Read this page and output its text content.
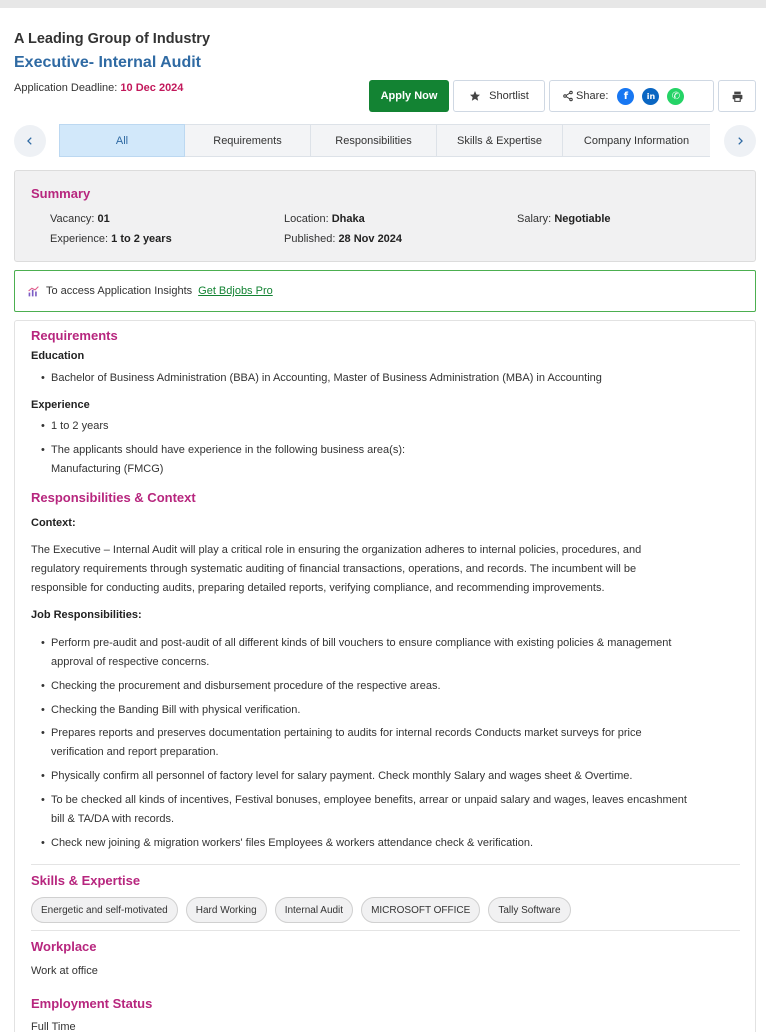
A Leading Group of Industry
Executive- Internal Audit
Application Deadline: 10 Dec 2024
Apply Now	Shortlist	Share:	f	in	✆
All	Requirements	Responsibilities	Skills & Expertise	Company Information
Summary
Vacancy: 01	Location: Dhaka	Salary: Negotiable
Experience: 1 to 2 years	Published: 28 Nov 2024
To access Application Insights Get Bdjobs Pro
Requirements
Education
• Bachelor of Business Administration (BBA) in Accounting, Master of Business Administration (MBA) in Accounting
Experience
• 1 to 2 years
• The applicants should have experience in the following business area(s):
Manufacturing (FMCG)
Responsibilities & Context
Context:
The Executive – Internal Audit will play a critical role in ensuring the organization adheres to internal policies, procedures, and
regulatory requirements through systematic auditing of financial transactions, operations, and records. The incumbent will be
responsible for conducting audits, preparing detailed reports, verifying compliance, and recommending improvements.
Job Responsibilities:
• Perform pre-audit and post-audit of all different kinds of bill vouchers to ensure compliance with existing policies & management
approval of respective concerns.
• Checking the procurement and disbursement procedure of the respective areas.
• Checking the Banding Bill with physical verification.
• Prepares reports and preserves documentation pertaining to audits for internal records Conducts market surveys for price
verification and report preparation.
• Physically confirm all personnel of factory level for salary payment. Check monthly Salary and wages sheet & Overtime.
• To be checked all kinds of incentives, Festival bonuses, employee benefits, arrear or unpaid salary and wages, leaves encashment
bill & TA/DA with records.
• Check new joining & migration workers' files Employees & workers attendance check & verification.
Skills & Expertise
Energetic and self-motivated	Hard Working	Internal Audit	MICROSOFT OFFICE	Tally Software
Workplace
Work at office
Employment Status
Full Time
